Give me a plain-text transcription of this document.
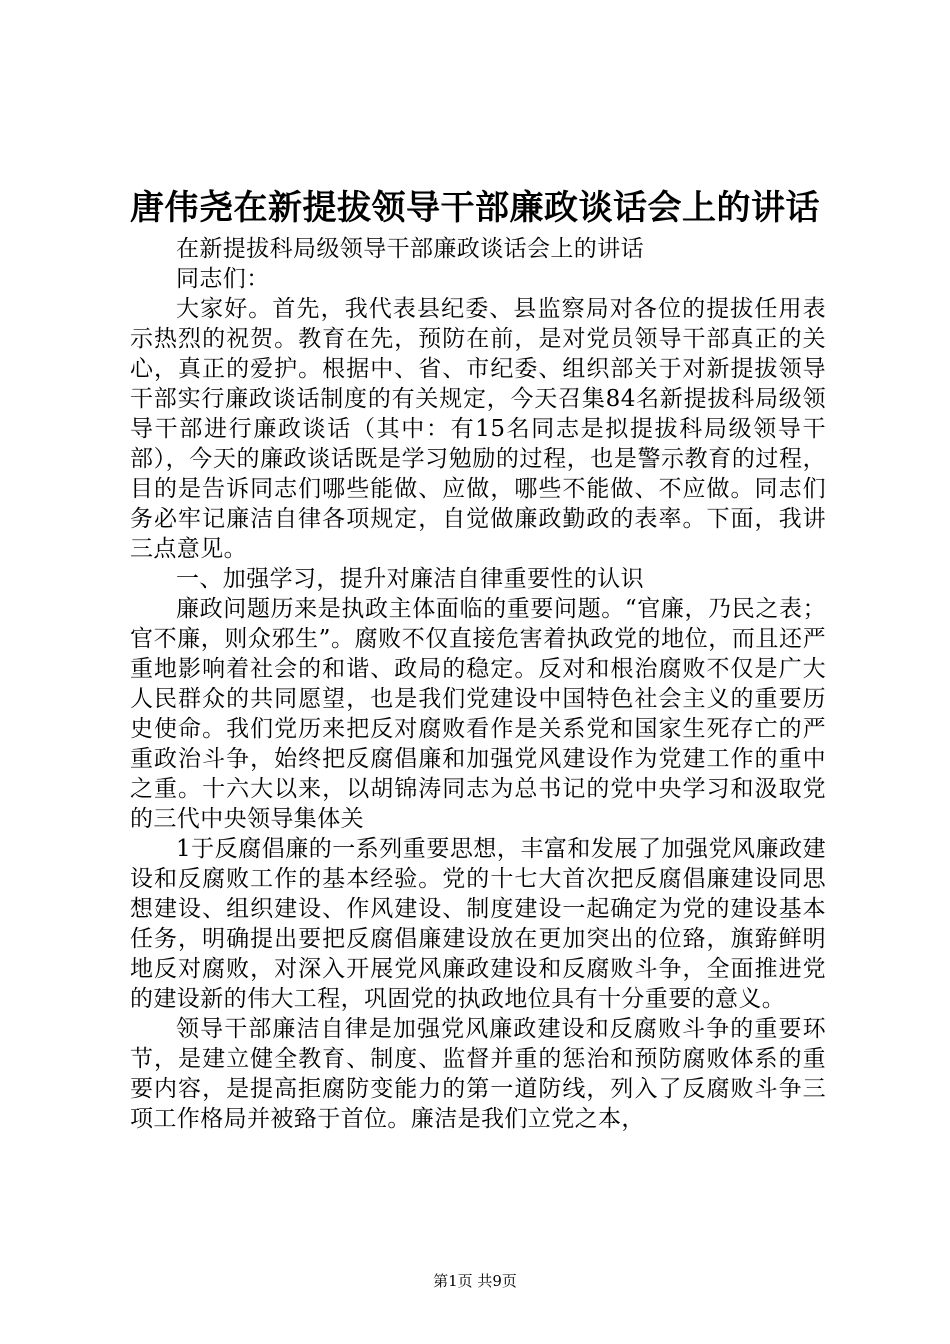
唐伟尧在新提拔领导干部廉政谈话会上的讲话

在新提拔科局级领导干部廉政谈话会上的讲话

同志们：

大家好。首先，我代表县纪委、县监察局对各位的提拔任用表示热烈的祝贺。教育在先，预防在前，是对党员领导干部真正的关心，真正的爱护。根据中、省、市纪委、组织部关于对新提拔领导干部实行廉政谈话制度的有关规定，今天召集84名新提拔科局级领导干部进行廉政谈话（其中：有15名同志是拟提拔科局级领导干部），今天的廉政谈话既是学习勉励的过程，也是警示教育的过程，目的是告诉同志们哪些能做、应做，哪些不能做、不应做。同志们务必牢记廉洁自律各项规定，自觉做廉政勤政的表率。下面，我讲三点意见。

一、加强学习，提升对廉洁自律重要性的认识

廉政问题历来是执政主体面临的重要问题。“官廉，乃民之表；官不廉，则众邪生”。腐败不仅直接危害着执政党的地位，而且还严重地影响着社会的和谐、政局的稳定。反对和根治腐败不仅是广大人民群众的共同愿望，也是我们党建设中国特色社会主义的重要历史使命。我们党历来把反对腐败看作是关系党和国家生死存亡的严重政治斗争，始终把反腐倡廉和加强党风建设作为党建工作的重中之重。十六大以来，以胡锦涛同志为总书记的党中央学习和汲取党的三代中央领导集体关

1于反腐倡廉的一系列重要思想，丰富和发展了加强党风廉政建设和反腐败工作的基本经验。党的十七大首次把反腐倡廉建设同思想建设、组织建设、作风建设、制度建设一起确定为党的建设基本任务，明确提出要把反腐倡廉建设放在更加突出的位臵，旗臶鲜明地反对腐败，对深入开展党风廉政建设和反腐败斗争，全面推进党的建设新的伟大工程，巩固党的执政地位具有十分重要的意义。

领导干部廉洁自律是加强党风廉政建设和反腐败斗争的重要环节，是建立健全教育、制度、监督并重的惩治和预防腐败体系的重要内容，是提高拒腐防变能力的第一道防线，列入了反腐败斗争三项工作格局并被臵于首位。廉洁是我们立党之本，

第1页 共9页
